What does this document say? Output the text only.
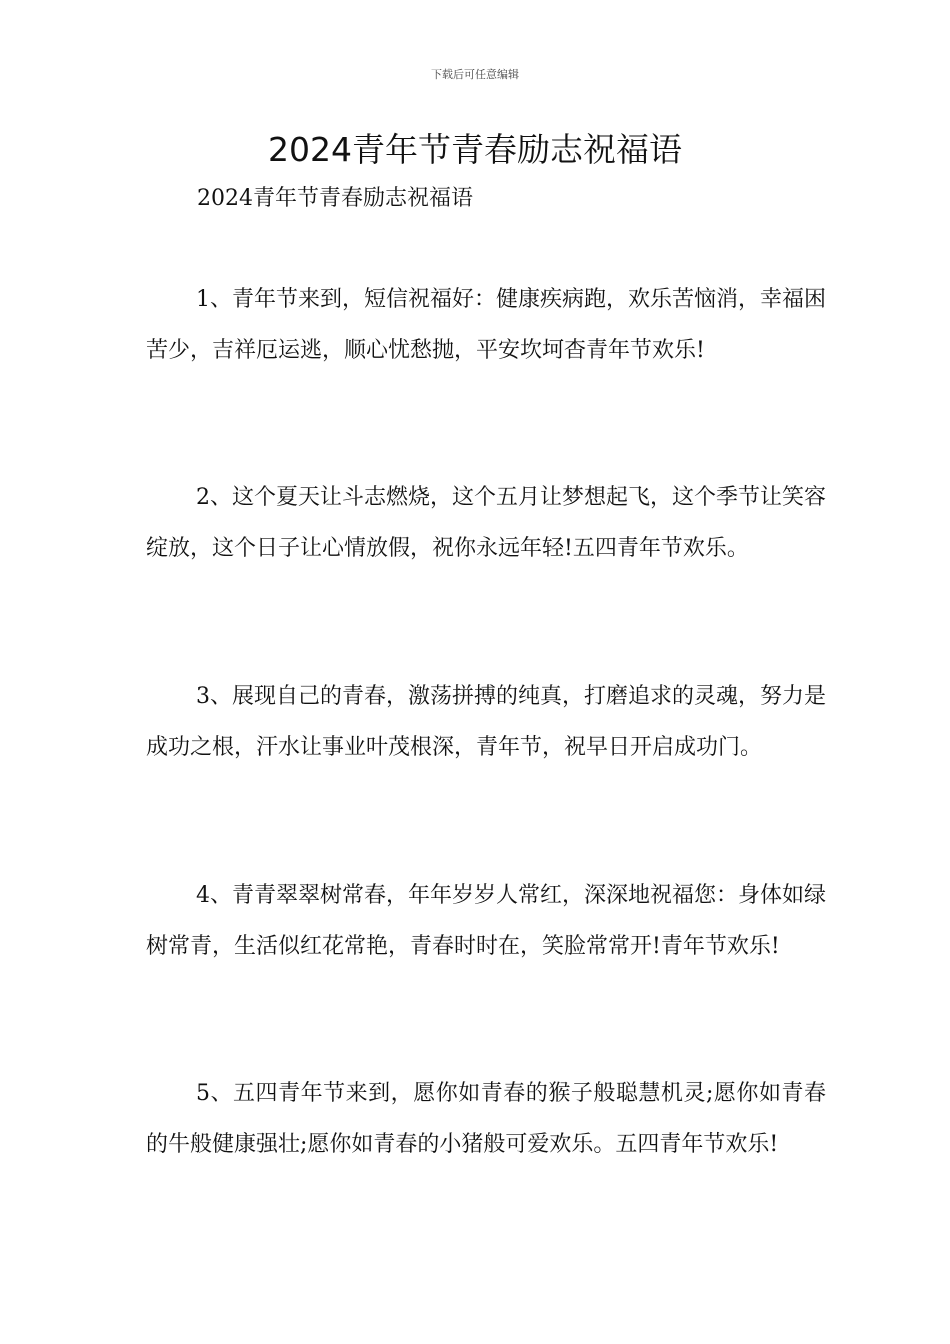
下载后可任意编辑
2024青年节青春励志祝福语
2024青年节青春励志祝福语

1、青年节来到，短信祝福好：健康疾病跑，欢乐苦恼消，幸福困苦少，吉祥厄运逃，顺心忧愁抛，平安坎坷杳青年节欢乐!

2、这个夏天让斗志燃烧，这个五月让梦想起飞，这个季节让笑容绽放，这个日子让心情放假，祝你永远年轻!五四青年节欢乐。

3、展现自己的青春，激荡拼搏的纯真，打磨追求的灵魂，努力是成功之根，汗水让事业叶茂根深，青年节，祝早日开启成功门。

4、青青翠翠树常春，年年岁岁人常红，深深地祝福您：身体如绿树常青，生活似红花常艳，青春时时在，笑脸常常开!青年节欢乐!

5、五四青年节来到，愿你如青春的猴子般聪慧机灵;愿你如青春的牛般健康强壮;愿你如青春的小猪般可爱欢乐。五四青年节欢乐!
